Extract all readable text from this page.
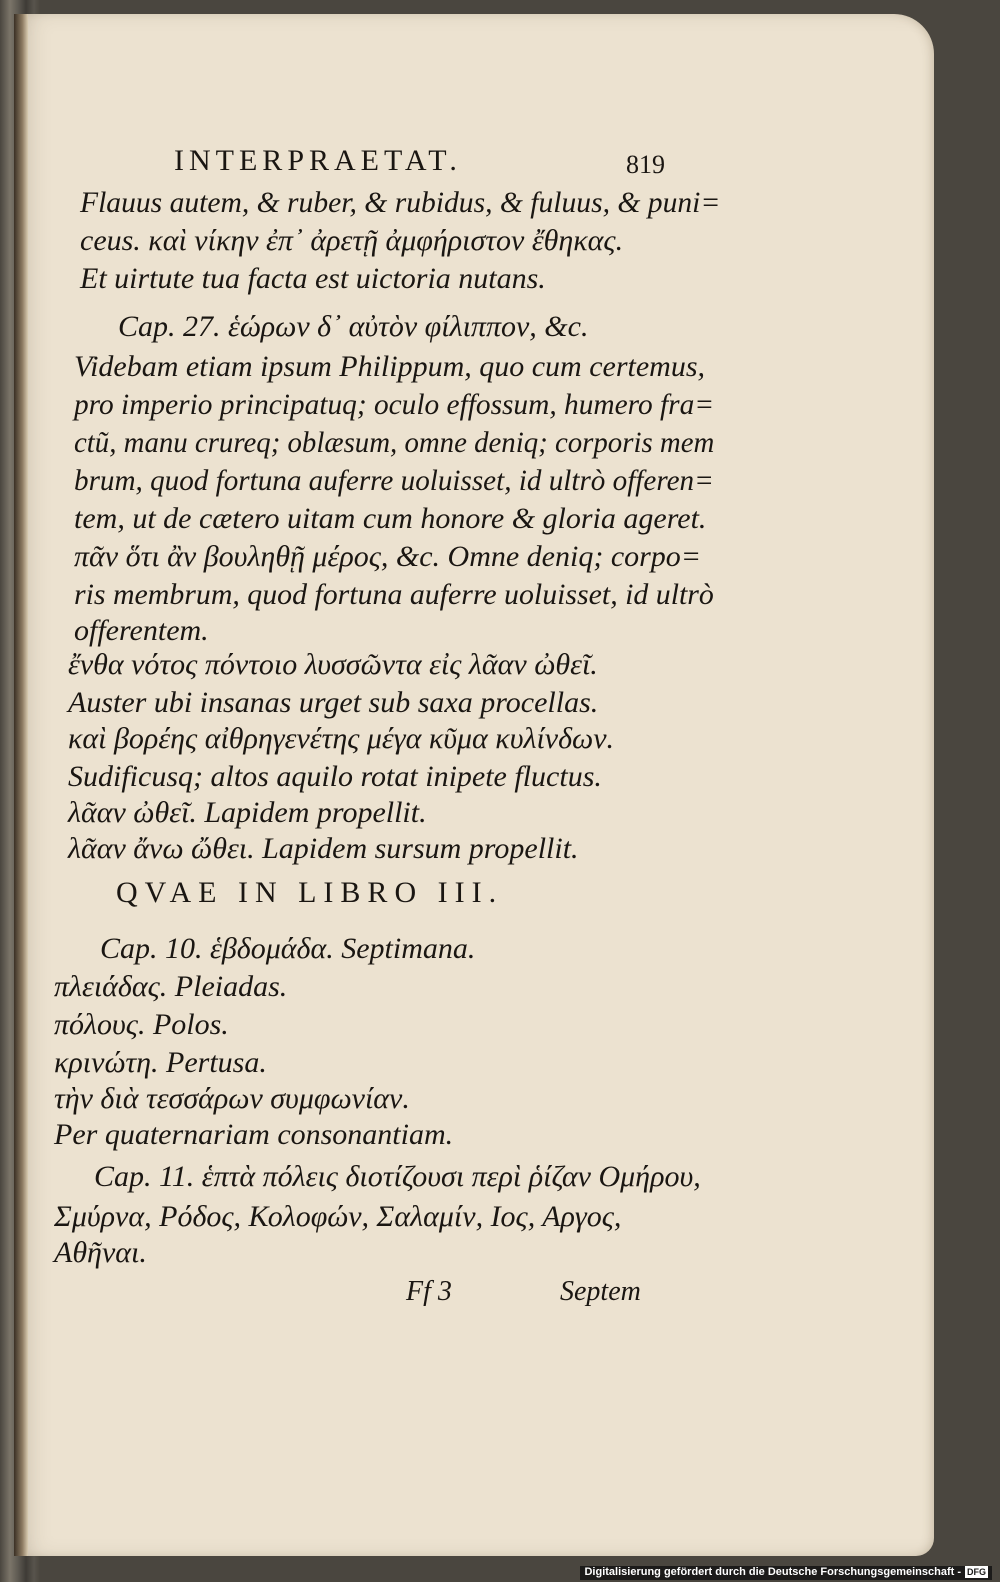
INTERPRAETAT.	819
Flauus autem, & ruber, & rubidus, & fuluus, & puni=
ceus. καὶ νίκην ἐπ᾽ ἀρετῇ ἀμφήριστον ἔθηκας.
Et uirtute tua facta est uictoria nutans.
Cap. 27. ἑώρων δ᾽ αὐτὸν φίλιππον, &c.
Videbam etiam ipsum Philippum, quo cum certemus,
pro imperio principatuq; oculo effossum, humero fra=
ctũ, manu crureq; oblæsum, omne deniq; corporis mem
brum, quod fortuna auferre uoluisset, id ultrò offeren=
tem, ut de cætero uitam cum honore & gloria ageret.
πᾶν ὅτι ἂν βουληθῇ μέρος, &c. Omne deniq; corpo=
ris membrum, quod fortuna auferre uoluisset, id ultrò
offerentem.
ἔνθα νότος πόντοιο λυσσῶντα εἰς λᾶαν ὠθεῖ.
Auster ubi insanas urget sub saxa procellas.
καὶ βορέης αἰθρηγενέτης μέγα κῦμα κυλίνδων.
Sudificusq; altos aquilo rotat inipete fluctus.
λᾶαν ὠθεῖ. Lapidem propellit.
λᾶαν ἄνω ὤθει. Lapidem sursum propellit.
QVAE IN LIBRO III.
Cap. 10. ἑβδομάδα. Septimana.
πλειάδας. Pleiadas.
πόλους. Polos.
κρινώτη. Pertusa.
τὴν διὰ τεσσάρων συμφωνίαν.
Per quaternariam consonantiam.
Cap. 11. ἑπτὰ πόλεις διοτίζουσι περὶ ῥίζαν Ομήρου,
Σμύρνα, Ρόδος, Κολοφών, Σαλαμίν, Ιος, Αργος,
Αθῆναι.
Ff 3	Septem
Digitalisierung gefördert durch die Deutsche Forschungsgemeinschaft - DFG
